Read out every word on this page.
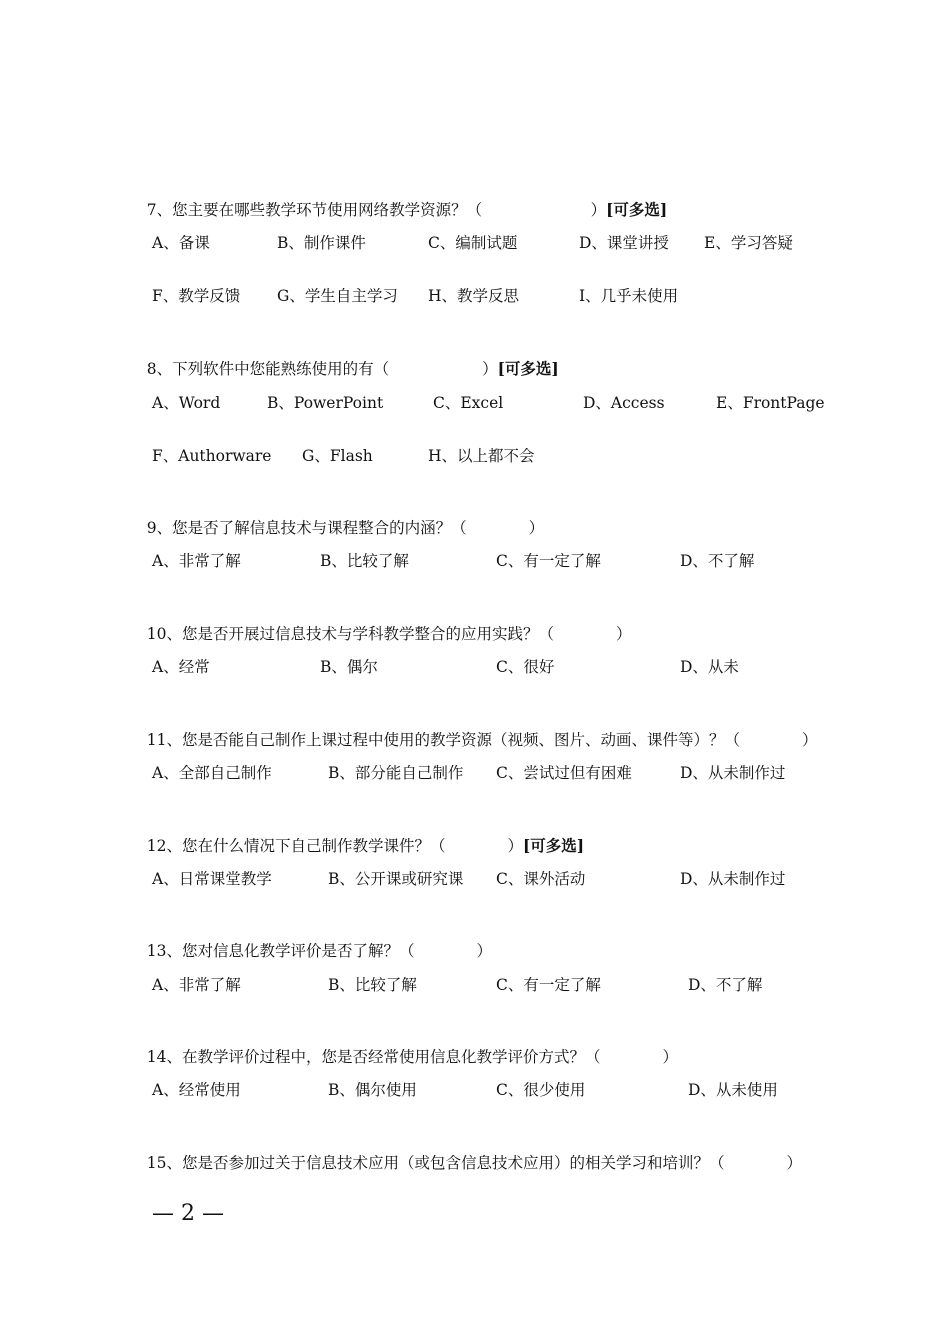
7、您主要在哪些教学环节使用网络教学资源？（　　　　　　　）[可多选]

A、备课	B、制作课件	C、编制试题	D、课堂讲授 E、学习答疑
F、教学反馈 G、学生自主学习 H、教学反思	I、几乎未使用

8、下列软件中您能熟练使用的有（　　　　　　）[可多选]

A、Word	B、PowerPoint	C、Excel	D、Access	E、FrontPage
F、Authorware G、Flash	H、以上都不会

9、您是否了解信息技术与课程整合的内涵？（　　　　）

A、非常了解	B、比较了解	C、有一定了解	D、不了解

10、您是否开展过信息技术与学科教学整合的应用实践？（　　　　）

A、经常	B、偶尔	C、很好	D、从未

11、您是否能自己制作上课过程中使用的教学资源（视频、图片、动画、课件等）？（　　　　）

A、全部自己制作	B、部分能自己制作 C、尝试过但有困难	D、从未制作过

12、您在什么情况下自己制作教学课件？（　　　　）[可多选]

A、日常课堂教学	B、公开课或研究课 C、课外活动	D、从未制作过

13、您对信息化教学评价是否了解？（　　　　）

A、非常了解	B、比较了解	C、有一定了解	D、不了解

14、在教学评价过程中，您是否经常使用信息化教学评价方式？（　　　　）

A、经常使用	B、偶尔使用	C、很少使用	D、从未使用

15、您是否参加过关于信息技术应用（或包含信息技术应用）的相关学习和培训？（　　　　）

— 2 —
